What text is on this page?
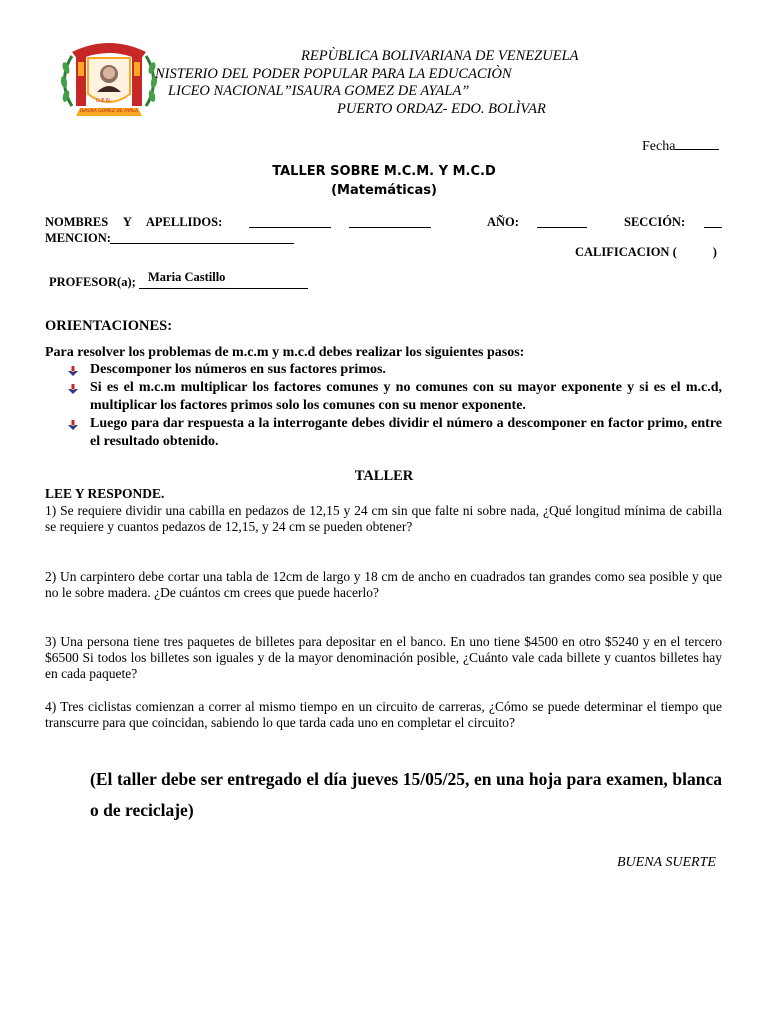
U.E.N.
ISAURA GOMEZ DE AYALA
REPÙBLICA BOLIVARIANA DE VENEZUELA
NISTERIO DEL PODER POPULAR PARA LA EDUCACIÒN
LICEO NACIONAL”ISAURA GOMEZ DE AYALA”
PUERTO ORDAZ- EDO. BOLÌVAR
Fecha
TALLER SOBRE M.C.M. Y M.C.D
(Matemáticas)
NOMBRES Y APELLIDOS:	AÑO:	SECCIÓN:
MENCION:
CALIFICACION (	)
PROFESOR(a); Maria Castillo
ORIENTACIONES:
Para resolver los problemas de m.c.m y m.c.d debes realizar los siguientes pasos:
Descomponer los números en sus factores primos.
Si es el m.c.m multiplicar los factores comunes y no comunes con su mayor exponente y si es el m.c.d, multiplicar los factores primos solo los comunes con su menor exponente.
Luego para dar respuesta a la interrogante debes dividir el número a descomponer en factor primo, entre el resultado obtenido.
TALLER
LEE Y RESPONDE.
1) Se requiere dividir una cabilla en pedazos de 12,15 y 24 cm sin que falte ni sobre nada, ¿Qué longitud mínima de cabilla se requiere y cuantos pedazos de 12,15, y 24 cm se pueden obtener?
2) Un carpintero debe cortar una tabla de 12cm de largo y 18 cm de ancho en cuadrados tan grandes como sea posible y que no le sobre madera. ¿De cuántos cm crees que puede hacerlo?
3) Una persona tiene tres paquetes de billetes para depositar en el banco. En uno tiene $4500 en otro $5240 y en el tercero $6500 Si todos los billetes son iguales y de la mayor denominación posible, ¿Cuánto vale cada billete y cuantos billetes hay en cada paquete?
4) Tres ciclistas comienzan a correr al mismo tiempo en un circuito de carreras, ¿Cómo se puede determinar el tiempo que transcurre para que coincidan, sabiendo lo que tarda cada uno en completar el circuito?
(El taller debe ser entregado el día jueves 15/05/25, en una hoja para examen, blanca o de reciclaje)
BUENA SUERTE
